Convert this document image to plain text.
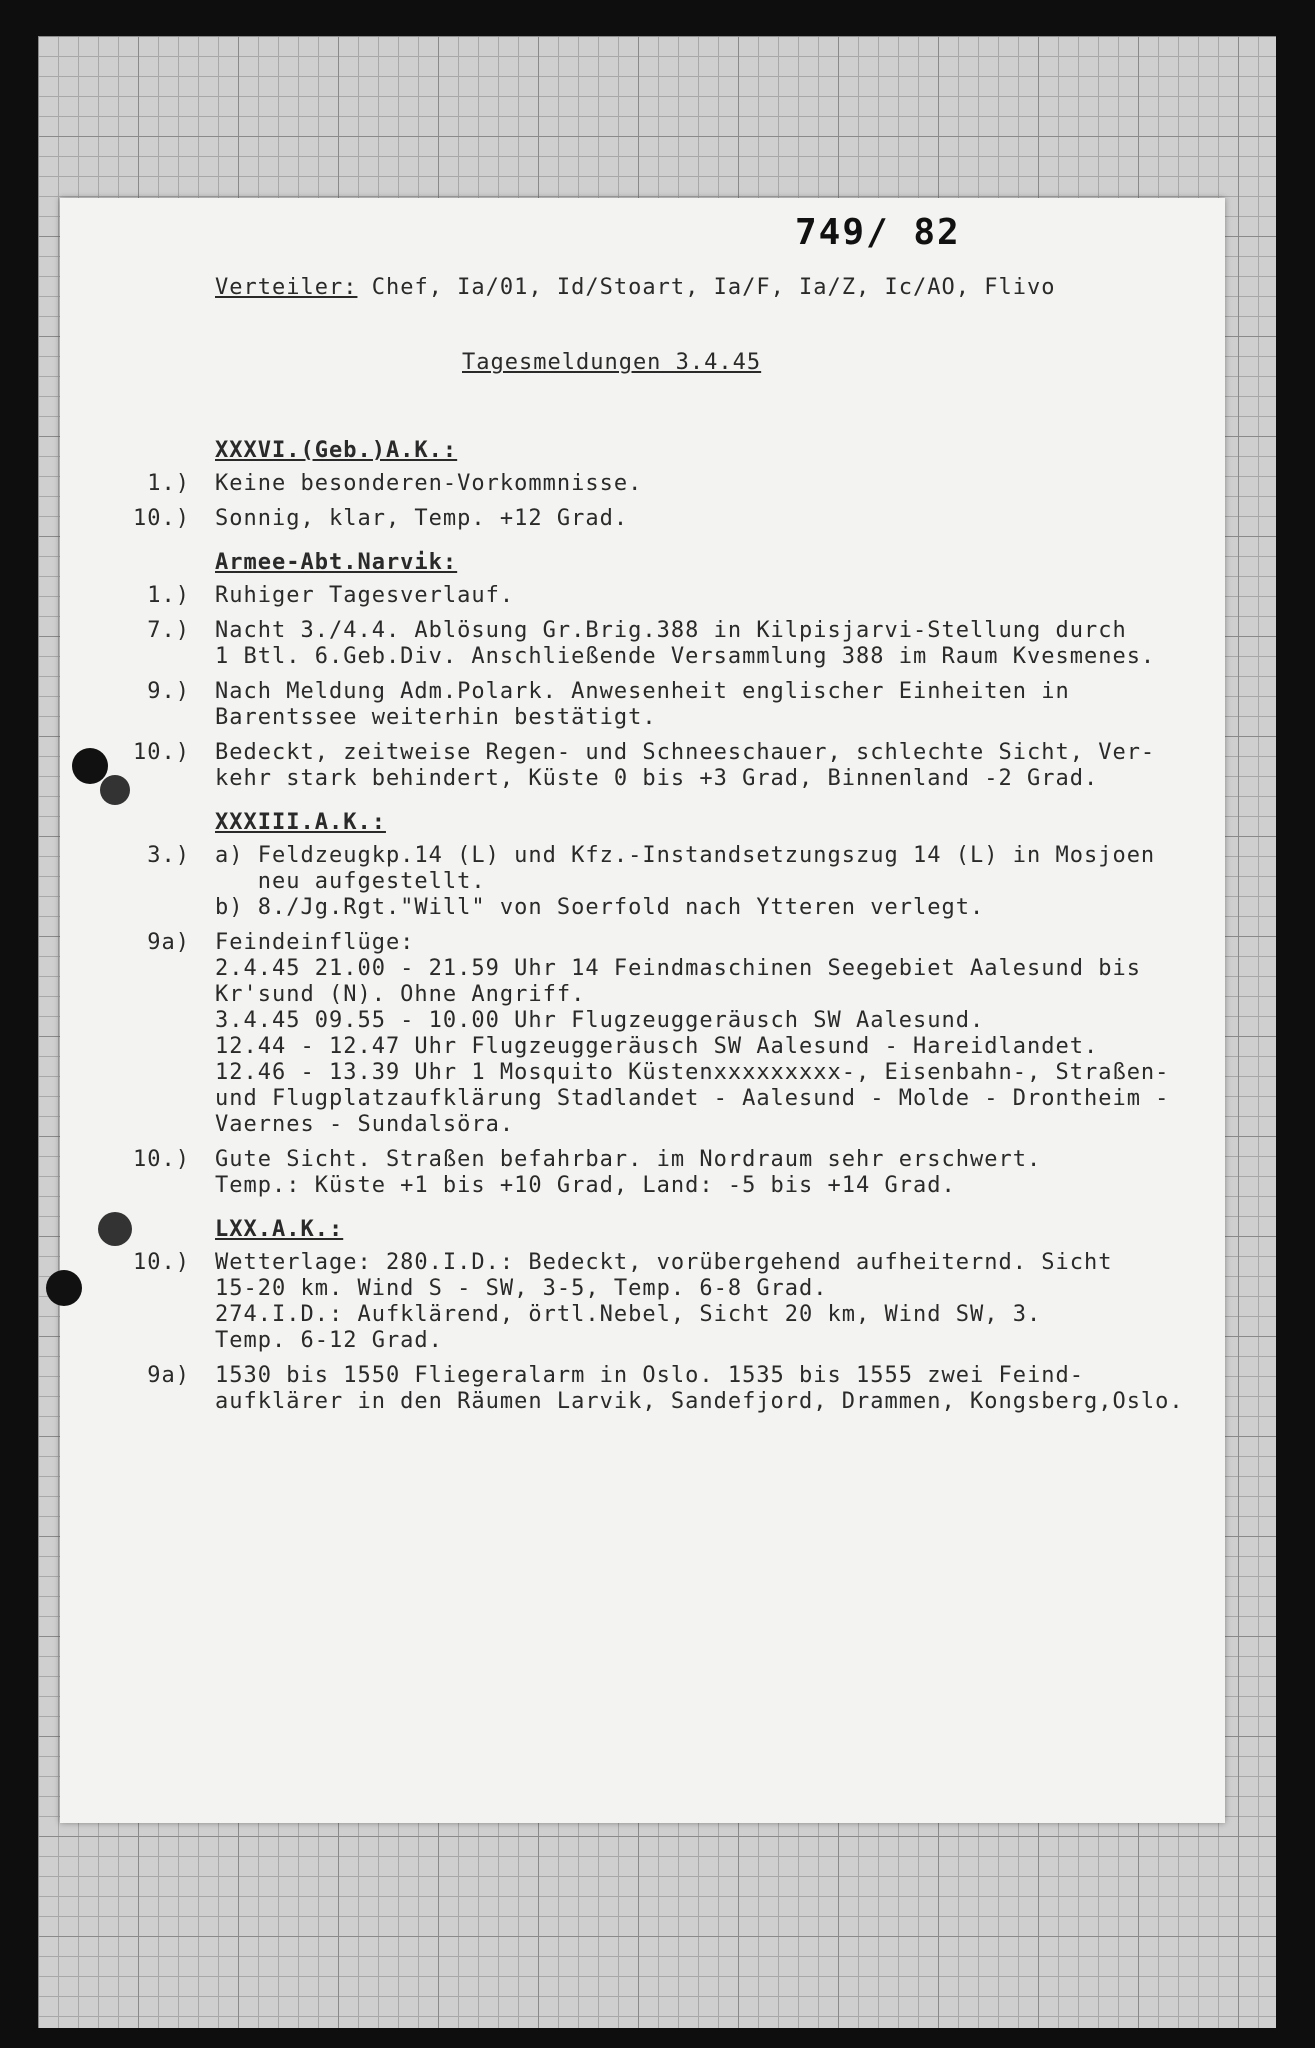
749/ 82
Verteiler: Chef, Ia/01, Id/Stoart, Ia/F, Ia/Z, Ic/AO, Flivo
Tagesmeldungen 3.4.45
XXXVI.(Geb.)A.K.:
1.) Keine besonderen-Vorkommnisse.
10.) Sonnig, klar, Temp. +12 Grad.
Armee-Abt.Narvik:
1.) Ruhiger Tagesverlauf.
7.) Nacht 3./4.4. Ablösung Gr.Brig.388 in Kilpisjarvi-Stellung durch
1 Btl. 6.Geb.Div. Anschließende Versammlung 388 im Raum Kvesmenes.
9.) Nach Meldung Adm.Polark. Anwesenheit englischer Einheiten in
Barentssee weiterhin bestätigt.
10.) Bedeckt, zeitweise Regen- und Schneeschauer, schlechte Sicht, Ver-
kehr stark behindert, Küste 0 bis +3 Grad, Binnenland -2 Grad.
XXXIII.A.K.:
3.) a) Feldzeugkp.14 (L) und Kfz.-Instandsetzungszug 14 (L) in Mosjoen
neu aufgestellt.
b) 8./Jg.Rgt."Will" von Soerfold nach Ytteren verlegt.
9a) Feindeinflüge:
2.4.45 21.00 - 21.59 Uhr 14 Feindmaschinen Seegebiet Aalesund bis
Kr'sund (N). Ohne Angriff.
3.4.45 09.55 - 10.00 Uhr Flugzeuggeräusch SW Aalesund.
12.44 - 12.47 Uhr Flugzeuggeräusch SW Aalesund - Hareidlandet.
12.46 - 13.39 Uhr 1 Mosquito Küstenxxxxxxxxx-, Eisenbahn-, Straßen-
und Flugplatzaufklärung Stadlandet - Aalesund - Molde - Drontheim -
Vaernes - Sundalsöra.
10.) Gute Sicht. Straßen befahrbar. im Nordraum sehr erschwert.
Temp.: Küste +1 bis +10 Grad, Land: -5 bis +14 Grad.
LXX.A.K.:
10.) Wetterlage: 280.I.D.: Bedeckt, vorübergehend aufheiternd. Sicht
15-20 km. Wind S - SW, 3-5, Temp. 6-8 Grad.
274.I.D.: Aufklärend, örtl.Nebel, Sicht 20 km, Wind SW, 3.
Temp. 6-12 Grad.
9a) 1530 bis 1550 Fliegeralarm in Oslo. 1535 bis 1555 zwei Feind-
aufklärer in den Räumen Larvik, Sandefjord, Drammen, Kongsberg,Oslo.
